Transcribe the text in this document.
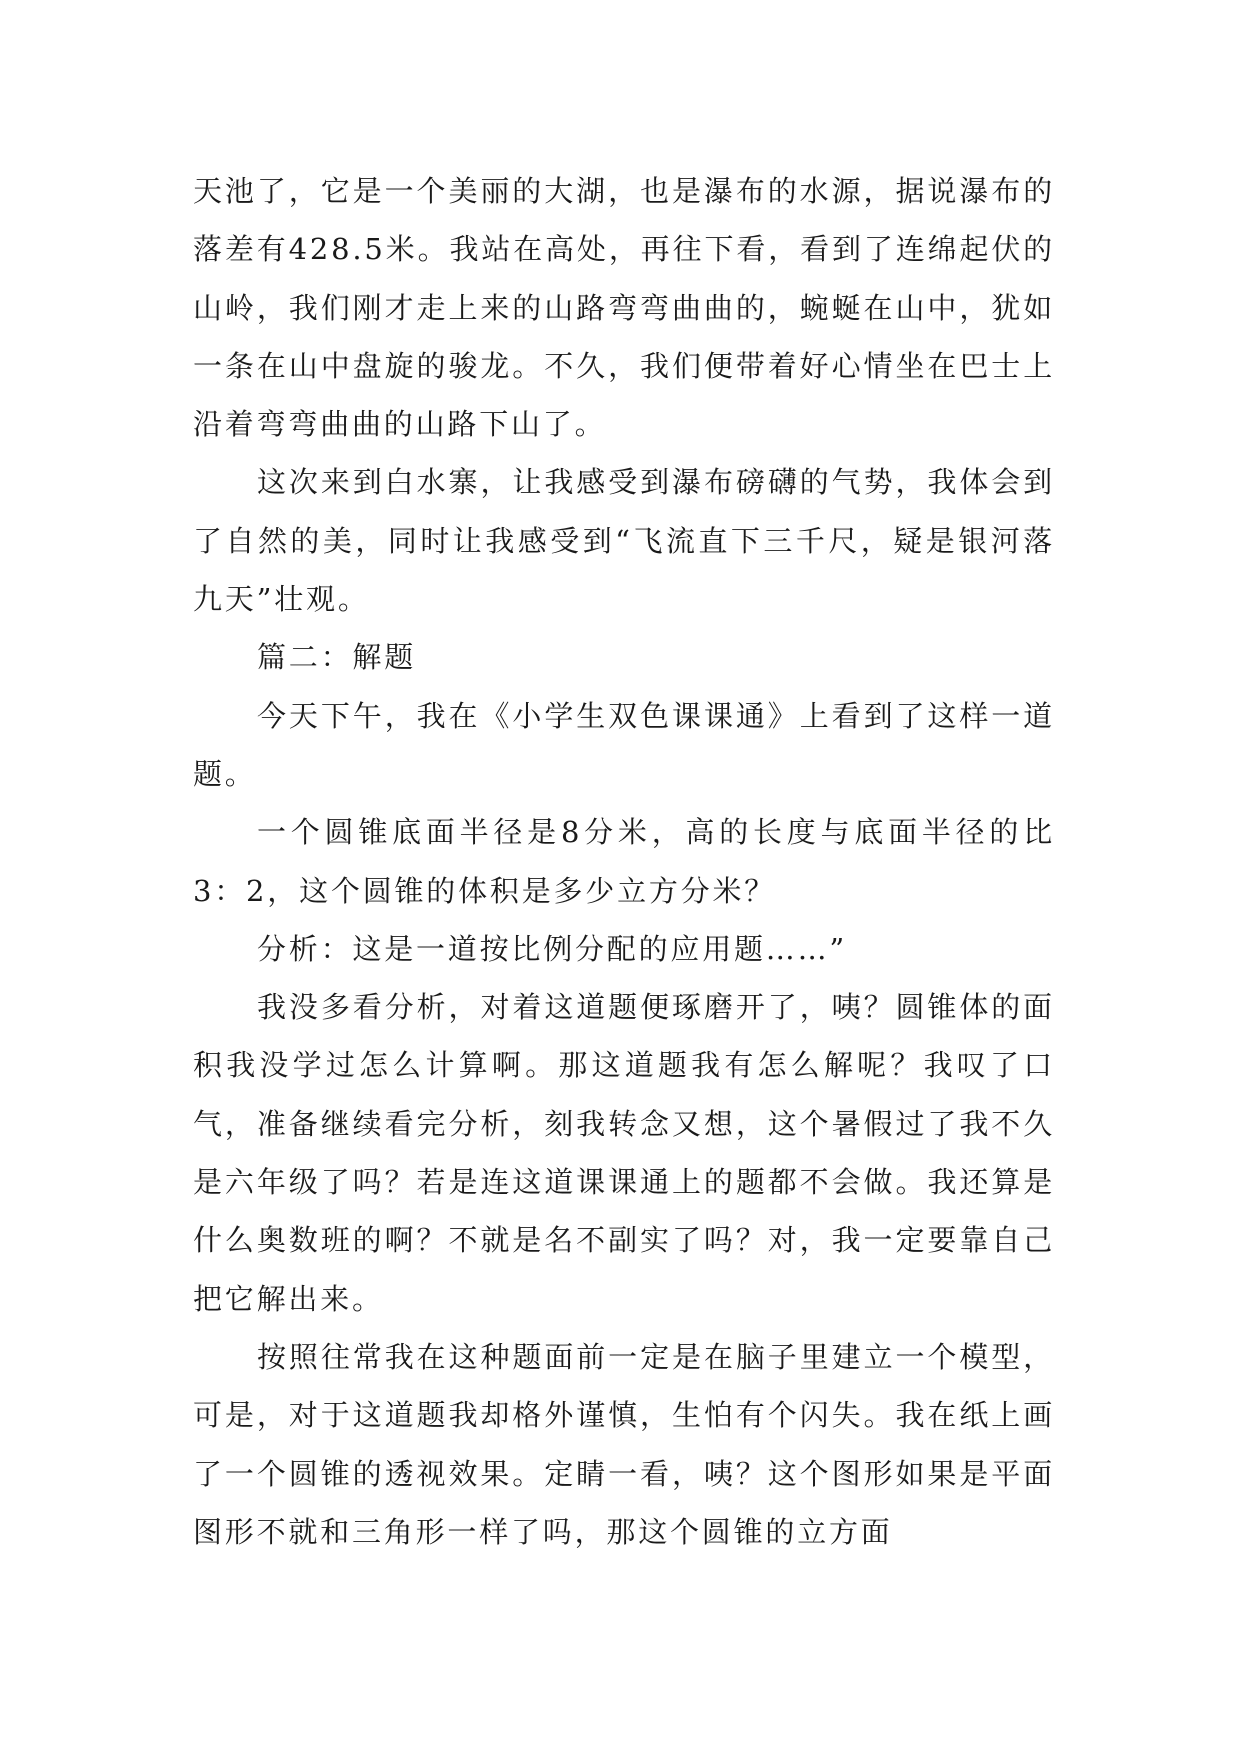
天池了，它是一个美丽的大湖，也是瀑布的水源，据说瀑布的落差有428.5米。我站在高处，再往下看，看到了连绵起伏的山岭，我们刚才走上来的山路弯弯曲曲的，蜿蜒在山中，犹如一条在山中盘旋的骏龙。不久，我们便带着好心情坐在巴士上沿着弯弯曲曲的山路下山了。

这次来到白水寨，让我感受到瀑布磅礴的气势，我体会到了自然的美，同时让我感受到“飞流直下三千尺，疑是银河落九天”壮观。

篇二：解题

今天下午，我在《小学生双色课课通》上看到了这样一道题。

一个圆锥底面半径是8分米，高的长度与底面半径的比3：2，这个圆锥的体积是多少立方分米？

分析：这是一道按比例分配的应用题……”

我没多看分析，对着这道题便琢磨开了，咦？圆锥体的面积我没学过怎么计算啊。那这道题我有怎么解呢？我叹了口气，准备继续看完分析，刻我转念又想，这个暑假过了我不久是六年级了吗？若是连这道课课通上的题都不会做。我还算是什么奥数班的啊？不就是名不副实了吗？对，我一定要靠自己把它解出来。

按照往常我在这种题面前一定是在脑子里建立一个模型，可是，对于这道题我却格外谨慎，生怕有个闪失。我在纸上画了一个圆锥的透视效果。定睛一看，咦？这个图形如果是平面图形不就和三角形一样了吗，那这个圆锥的立方面
